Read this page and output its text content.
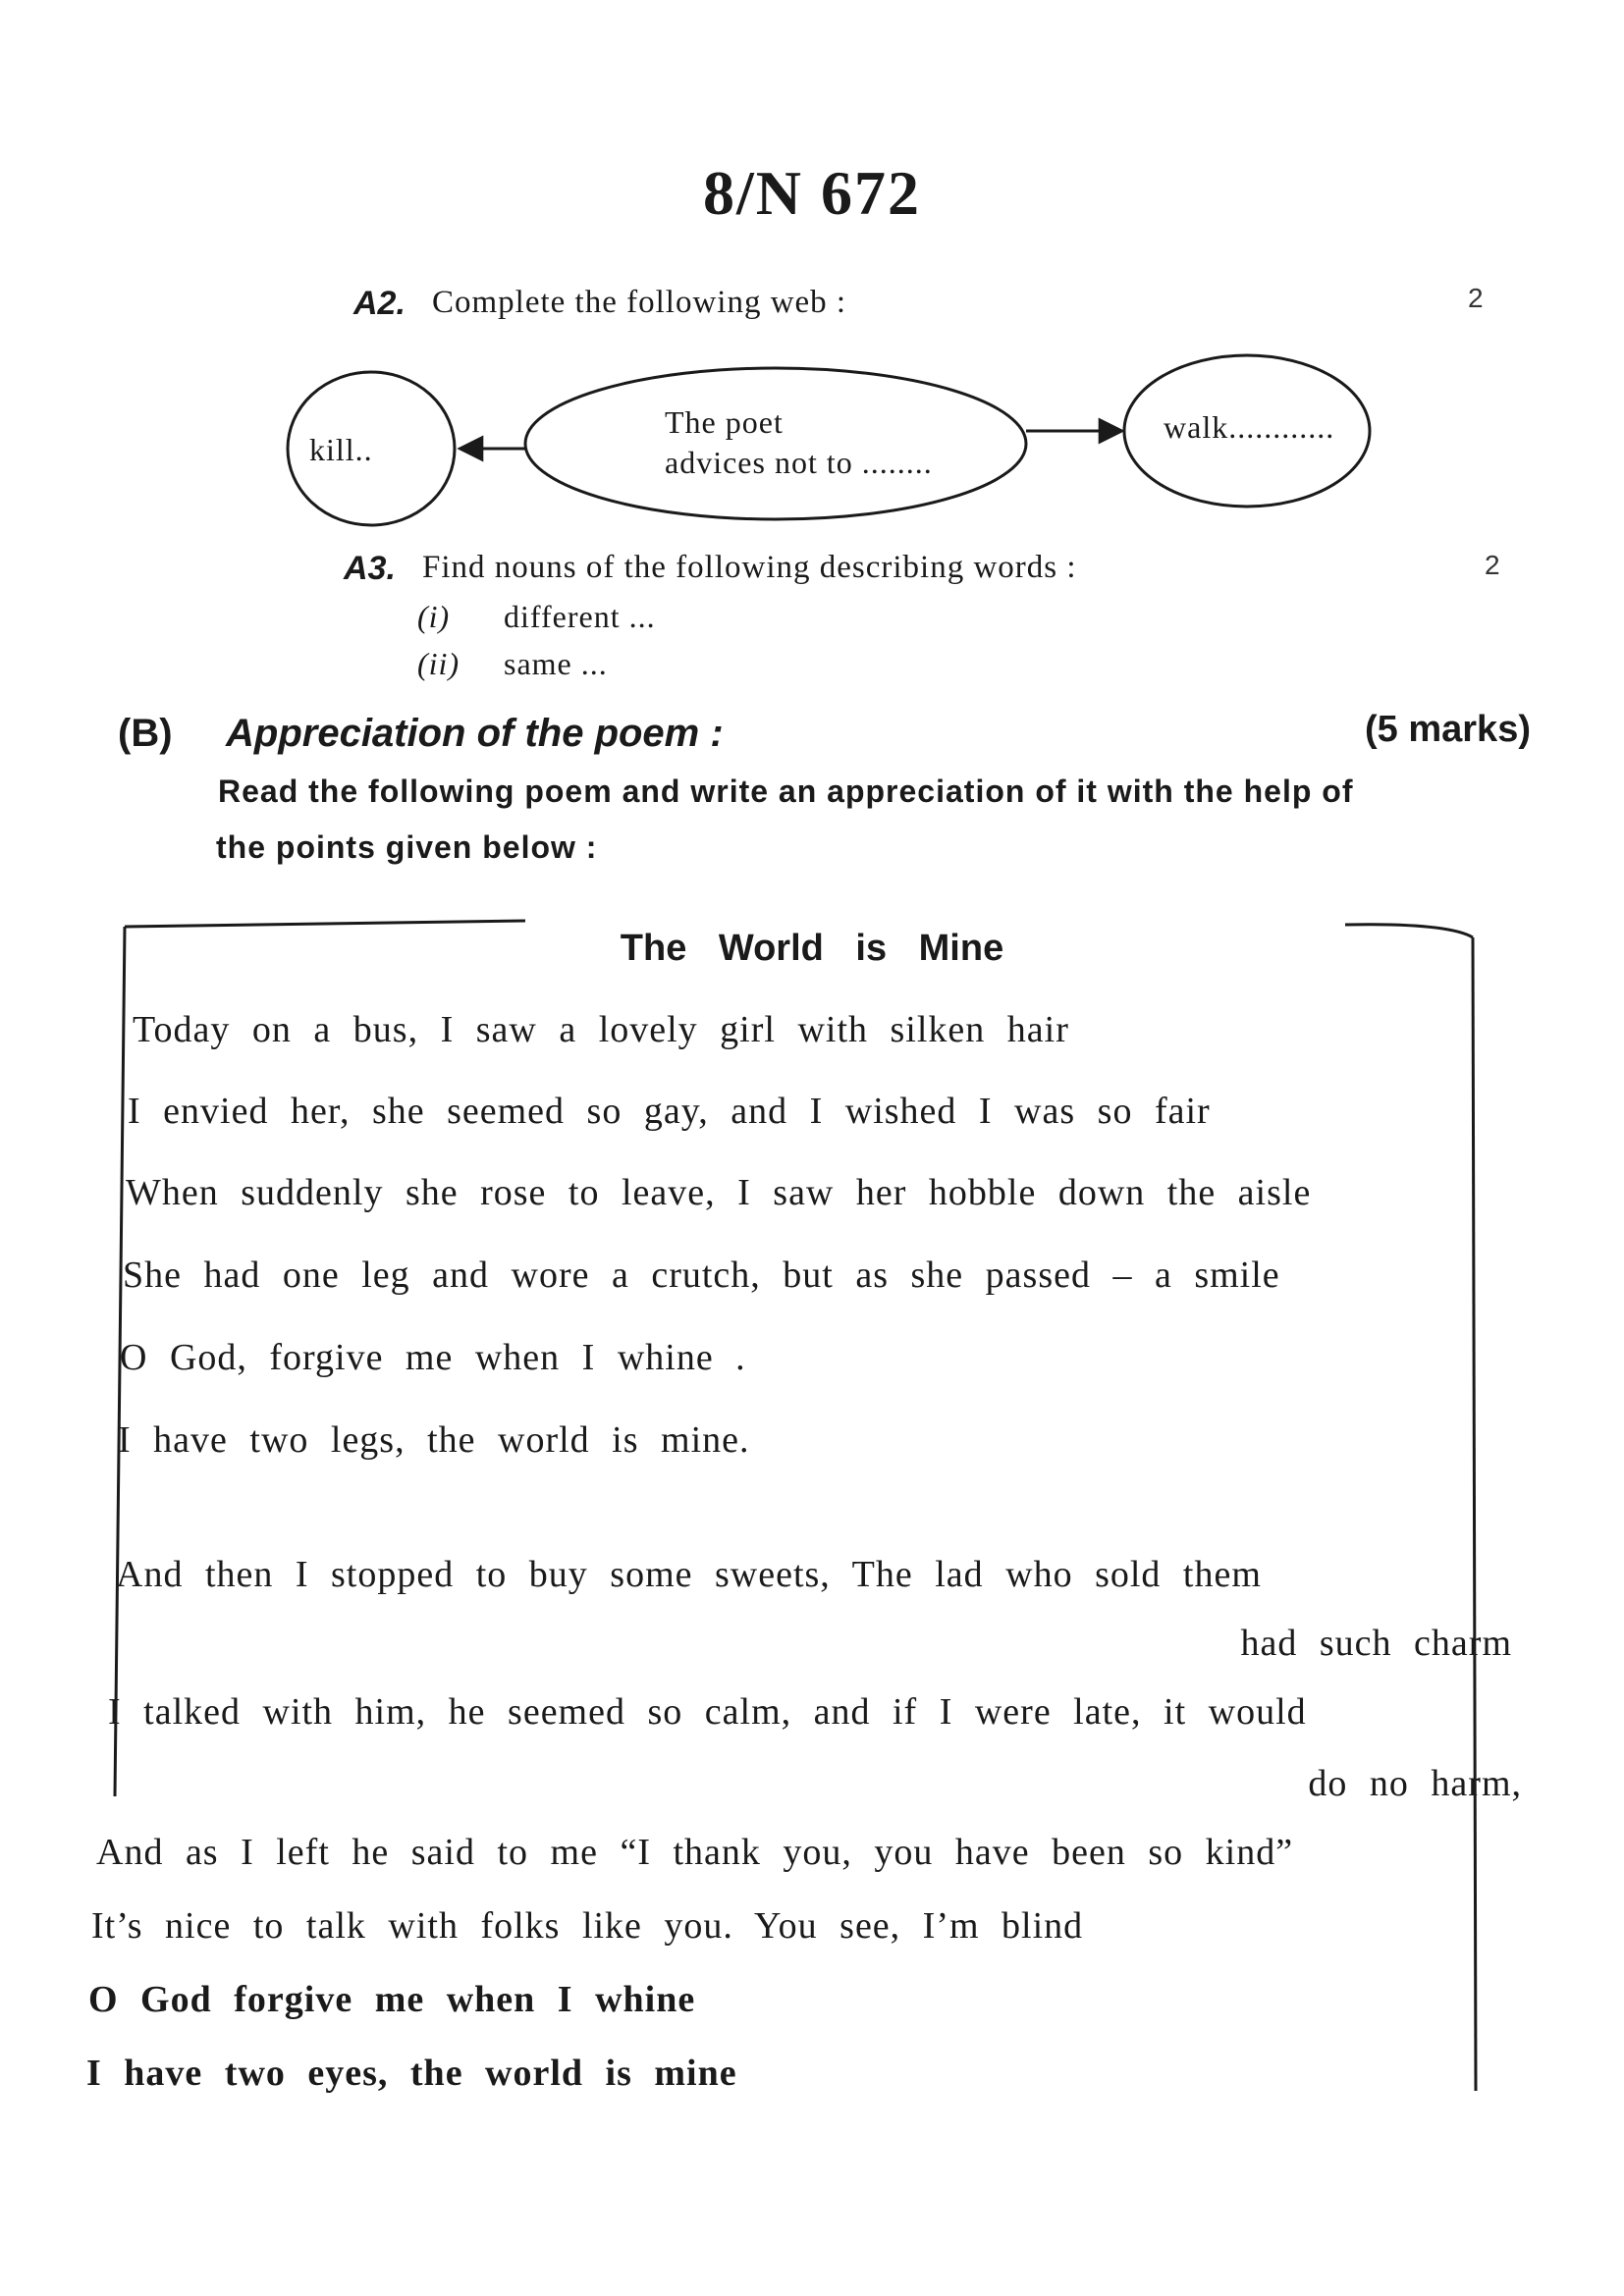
8/N 672
A2. Complete the following web :	2
kill..
The poet
advices not to ........
walk............
A3. Find nouns of the following describing words :	2
(i) different ...
(ii) same ...
(B) Appreciation of the poem :	(5 marks)
Read the following poem and write an appreciation of it with the help of
the points given below :
The World is Mine
Today on a bus, I saw a lovely girl with silken hair
I envied her, she seemed so gay, and I wished I was so fair
When suddenly she rose to leave, I saw her hobble down the aisle
She had one leg and wore a crutch, but as she passed – a smile
O God, forgive me when I whine .
I have two legs, the world is mine.
And then I stopped to buy some sweets, The lad who sold them
had such charm
I talked with him, he seemed so calm, and if I were late, it would
do no harm,
And as I left he said to me “I thank you, you have been so kind”
It’s nice to talk with folks like you. You see, I’m blind
O God forgive me when I whine
I have two eyes, the world is mine
